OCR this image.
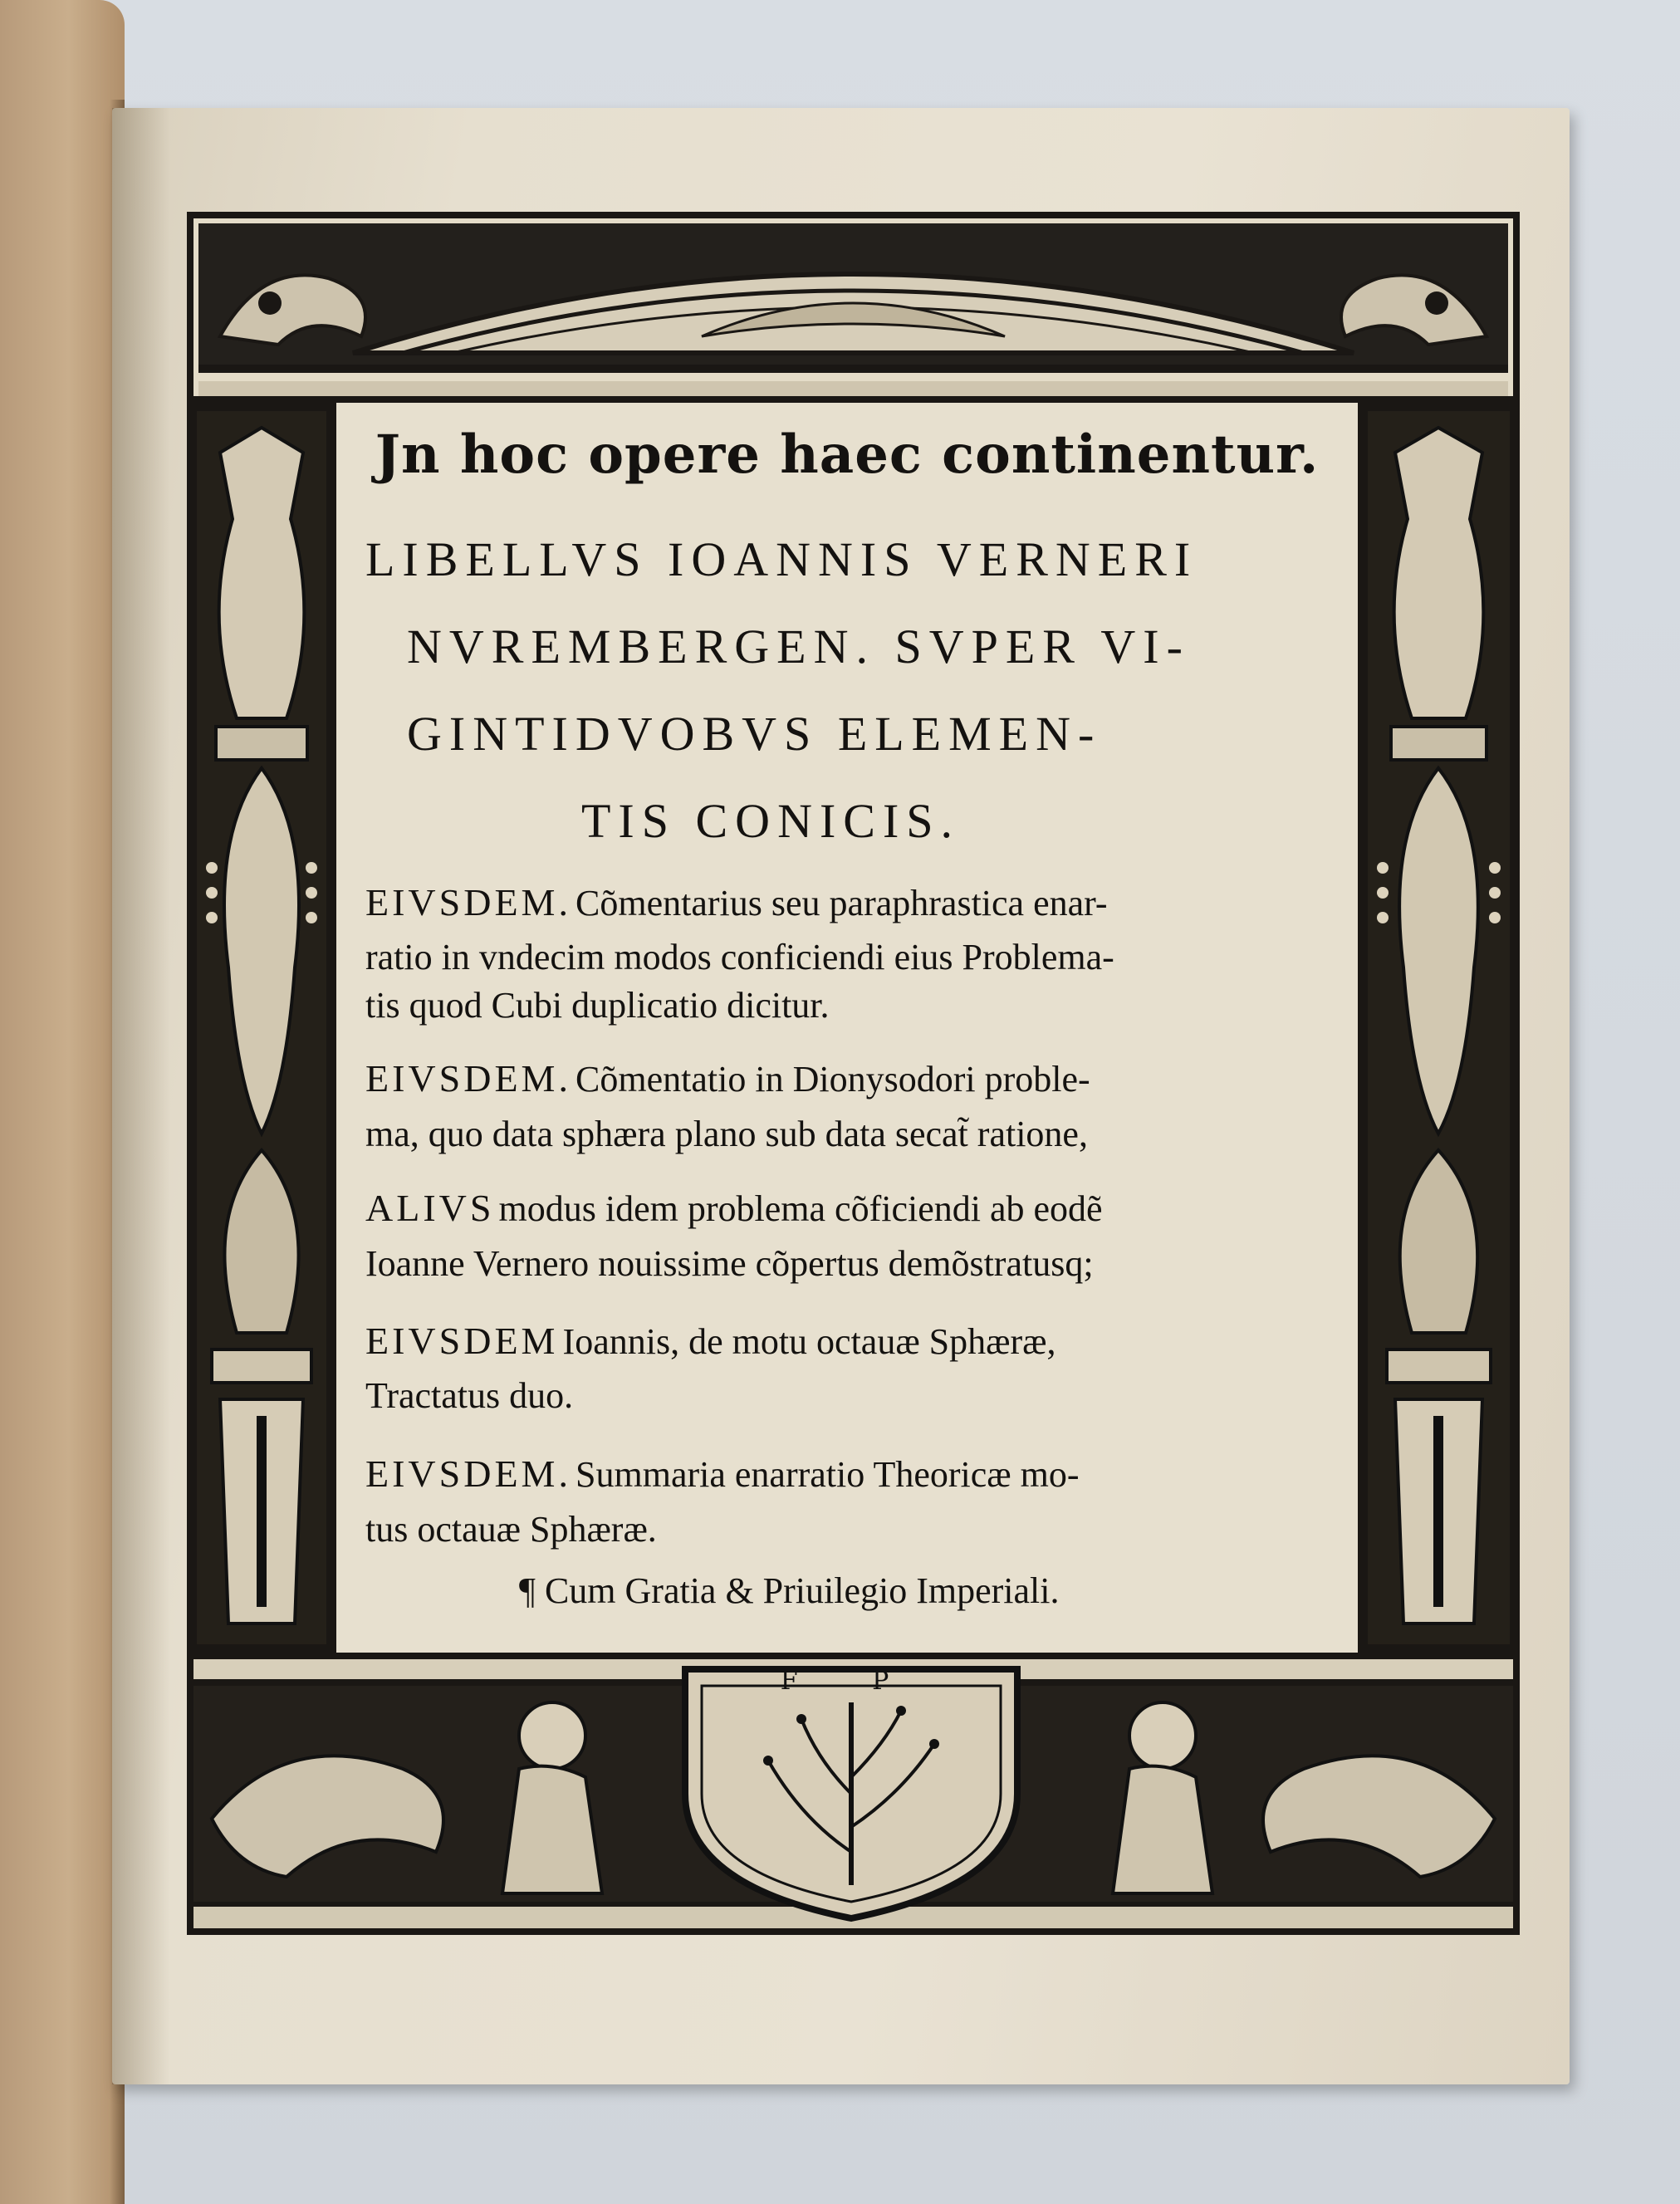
F P
Jn hoc opere haec continentur.
LIBELLVS IOANNIS VERNERI
NVREMBERGEN. SVPER VI-
GINTIDVOBVS ELEMEN-
TIS CONICIS.
EIVSDEM. Cõmentarius seu paraphrastica enar-
ratio in vndecim modos conficiendi eius Problema-
tis quod Cubi duplicatio dicitur.
EIVSDEM. Cõmentatio in Dionysodori proble-
ma, quo data sphæra plano sub data secat̃ ratione,
ALIVS modus idem problema cõficiendi ab eodẽ
Ioanne Vernero nouissime cõpertus demõstratusq;
EIVSDEM Ioannis, de motu octauæ Sphæræ,
Tractatus duo.
EIVSDEM. Summaria enarratio Theoricæ mo-
tus octauæ Sphæræ.
¶ Cum Gratia & Priuilegio Imperiali.
